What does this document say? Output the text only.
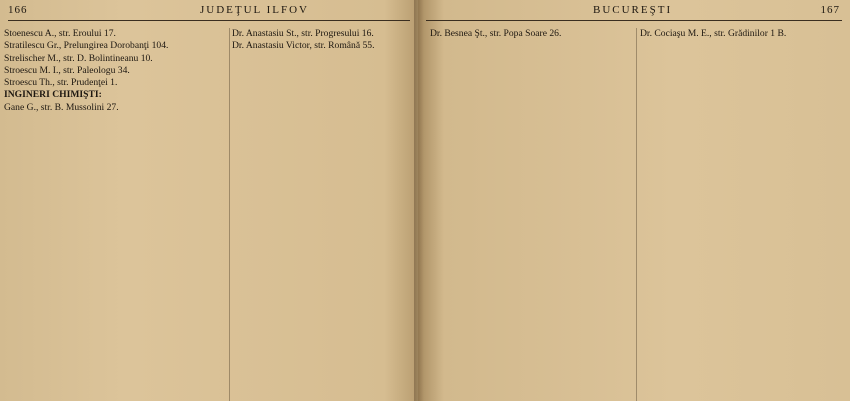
166	JUDEŢUL ILFOV
Stoenescu A., str. Eroului 17.
Stratilescu Gr., Prelungirea Dorobanţi 104.
Strelischer M., str. D. Bolintineanu 10.
Stroescu M. I., str. Paleologu 34.
Stroescu Th., str. Prudenţei 1.
INGINERI CHIMIŞTI:
Gane G., str. B. Mussolini 27.
Dr. Anastasiu St., str. Progresului 16.
Dr. Anastasiu Victor, str. Română 55.
BUCUREŞTI	167
Dr. Besnea Şt., str. Popa Soare 26.	Dr. Cociaşu M. E., str. Grădinilor 1 B.
